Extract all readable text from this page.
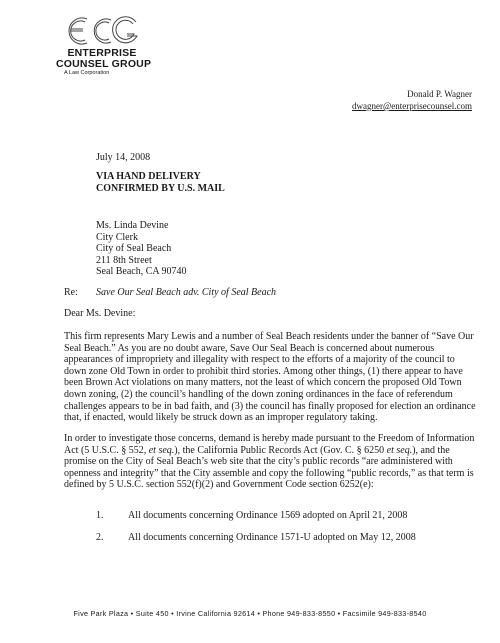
ENTERPRISE
COUNSEL GROUP
A Law Corporation
Donald P. Wagner
dwagner@enterprisecounsel.com
July 14, 2008
VIA HAND DELIVERY
CONFIRMED BY U.S. MAIL
Ms. Linda Devine
City Clerk
City of Seal Beach
211 8th Street
Seal Beach, CA 90740
Re: Save Our Seal Beach adv. City of Seal Beach
Dear Ms. Devine:
This firm represents Mary Lewis and a number of Seal Beach residents under the banner of “Save Our Seal Beach.” As you are no doubt aware, Save Our Seal Beach is concerned about numerous appearances of impropriety and illegality with respect to the efforts of a majority of the council to down zone Old Town in order to prohibit third stories. Among other things, (1) there appear to have been Brown Act violations on many matters, not the least of which concern the proposed Old Town down zoning, (2) the council’s handling of the down zoning ordinances in the face of referendum challenges appears to be in bad faith, and (3) the council has finally proposed for election an ordinance that, if enacted, would likely be struck down as an improper regulatory taking.
In order to investigate those concerns, demand is hereby made pursuant to the Freedom of Information Act (5 U.S.C. § 552, et seq.), the California Public Records Act (Gov. C. § 6250 et seq.), and the promise on the City of Seal Beach’s web site that the city’s public records “are administered with openness and integrity” that the City assemble and copy the following “public records,” as that term is defined by 5 U.S.C. section 552(f)(2) and Government Code section 6252(e):
1. All documents concerning Ordinance 1569 adopted on April 21, 2008
2. All documents concerning Ordinance 1571-U adopted on May 12, 2008
Five Park Plaza • Suite 450 • Irvine California 92614 • Phone 949-833-8550 • Facsimile 949-833-8540
